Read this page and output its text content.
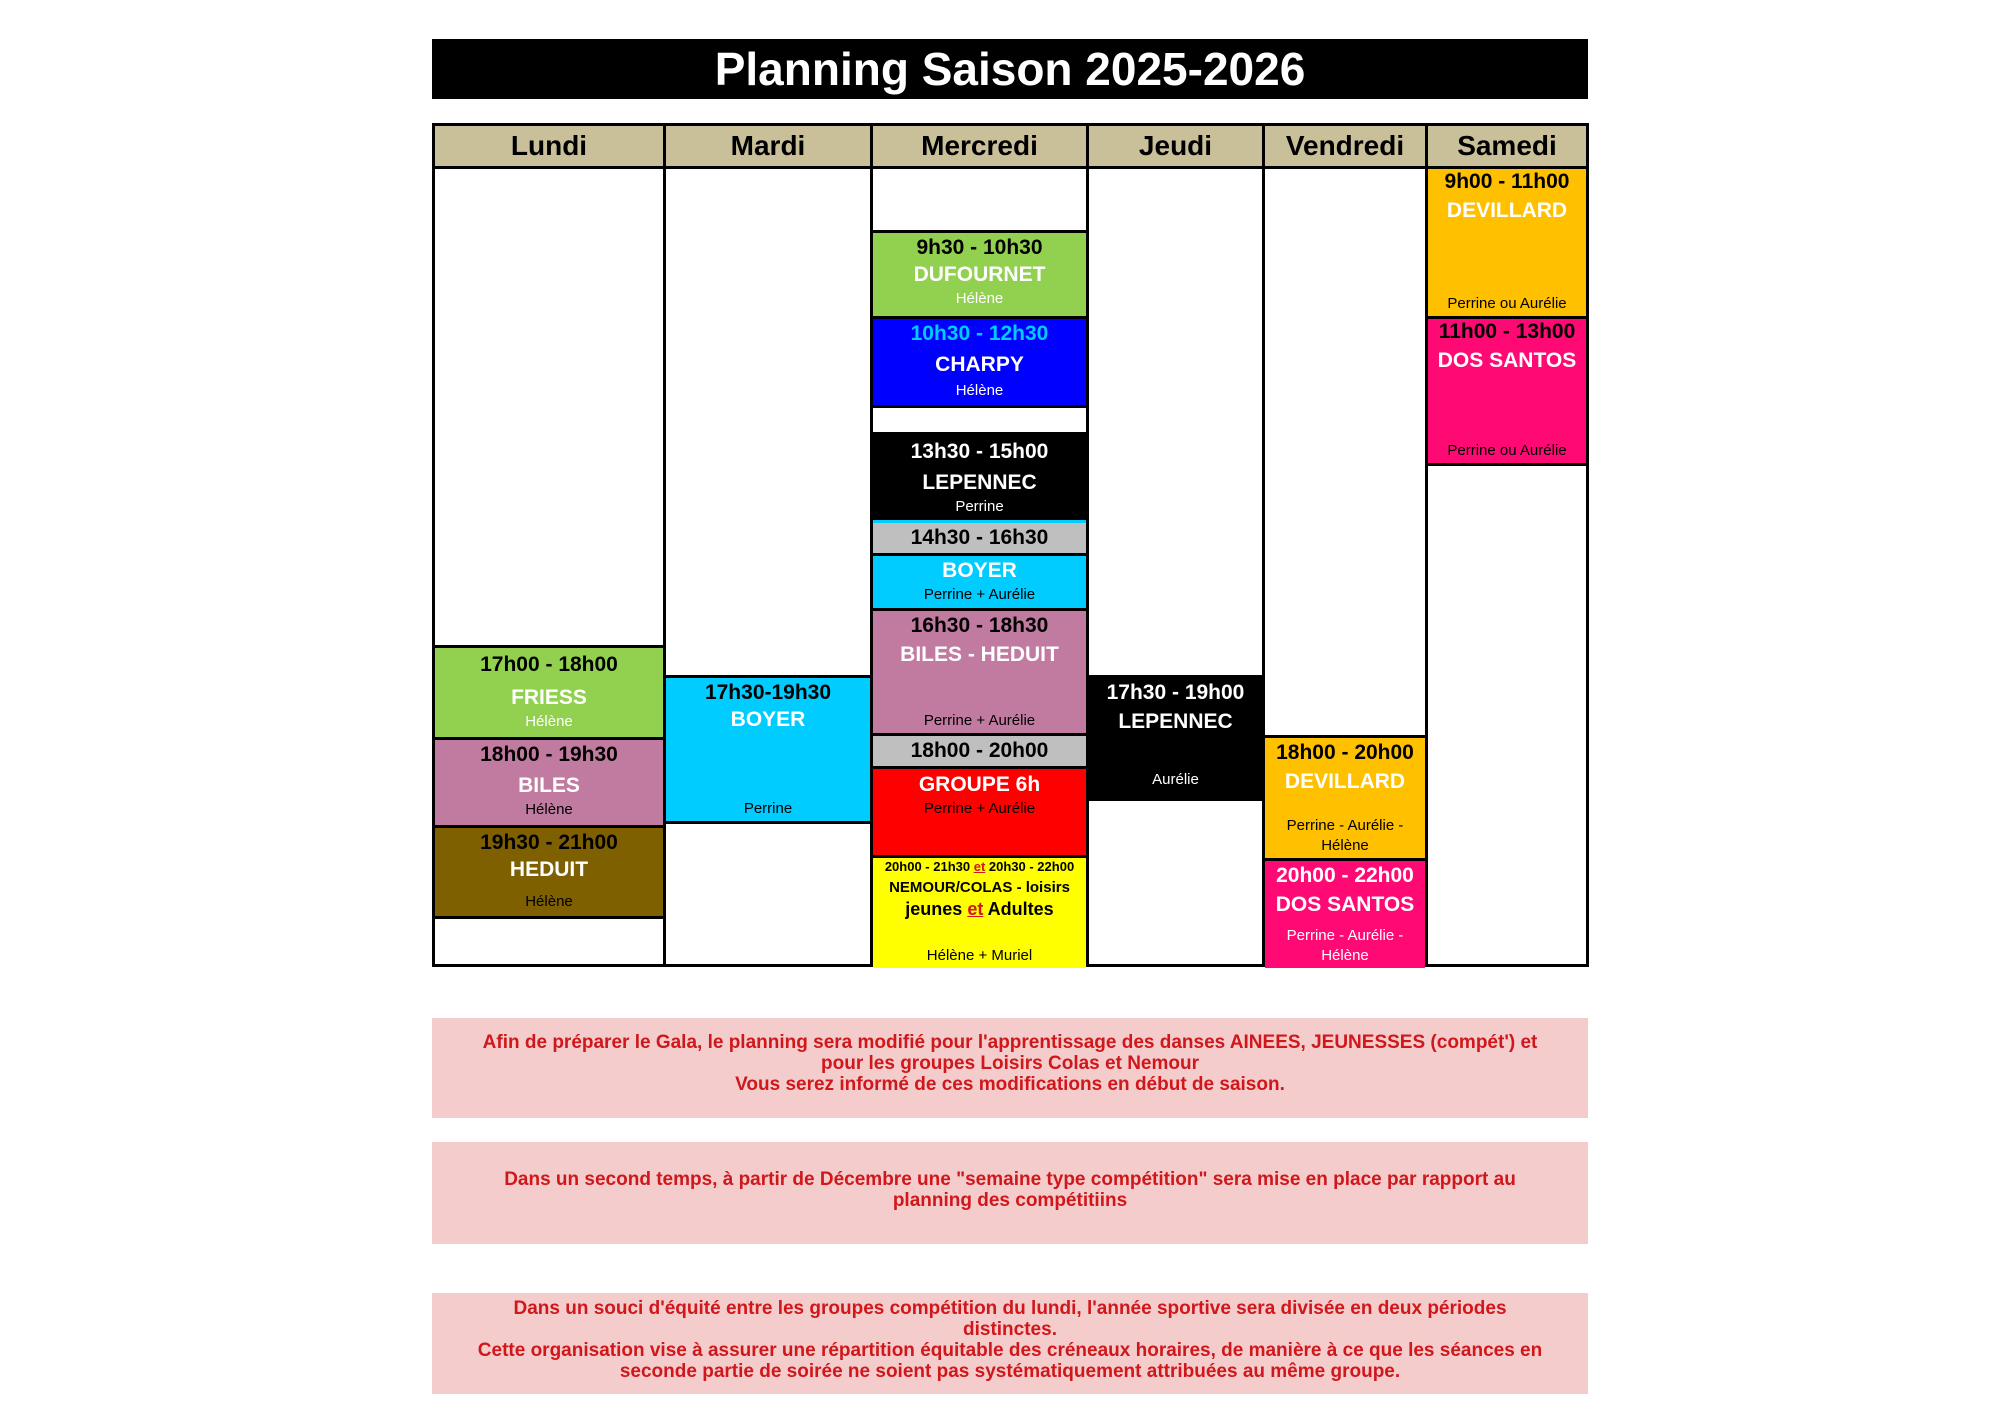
Planning Saison 2025-2026
Lundi
17h00 - 18h00
FRIESS
Hélène
18h00 - 19h30
BILES
Hélène
19h30 - 21h00
HEDUIT
Hélène
Mardi
17h30-19h30
BOYER
Perrine
Mercredi
9h30 - 10h30
DUFOURNET
Hélène
10h30 - 12h30
CHARPY
Hélène
13h30 - 15h00
LEPENNEC
Perrine
14h30 - 16h30
BOYER
Perrine + Aurélie
16h30 - 18h30
BILES - HEDUIT
Perrine + Aurélie
18h00 - 20h00
GROUPE 6h
Perrine + Aurélie
20h00 - 21h30 et 20h30 - 22h00
NEMOUR/COLAS - loisirs
jeunes et Adultes
Hélène + Muriel
Jeudi
17h30 - 19h00
LEPENNEC
Aurélie
Vendredi
18h00 - 20h00
DEVILLARD
Perrine - Aurélie -
Hélène
20h00 - 22h00
DOS SANTOS
Perrine - Aurélie -
Hélène
Samedi
9h00 - 11h00
DEVILLARD
Perrine ou Aurélie
11h00 - 13h00
DOS SANTOS
Perrine ou Aurélie
Afin de préparer le Gala, le planning sera modifié pour l'apprentissage des danses AINEES, JEUNESSES (compét') et
pour les groupes Loisirs Colas et Nemour
Vous serez informé de ces modifications en début de saison.
Dans un second temps, à partir de Décembre une "semaine type compétition" sera mise en place par rapport au
planning des compétitiins
Dans un souci d'équité entre les groupes compétition du lundi, l'année sportive sera divisée en deux périodes
distinctes.
Cette organisation vise à assurer une répartition équitable des créneaux horaires, de manière à ce que les séances en
seconde partie de soirée ne soient pas systématiquement attribuées au même groupe.
